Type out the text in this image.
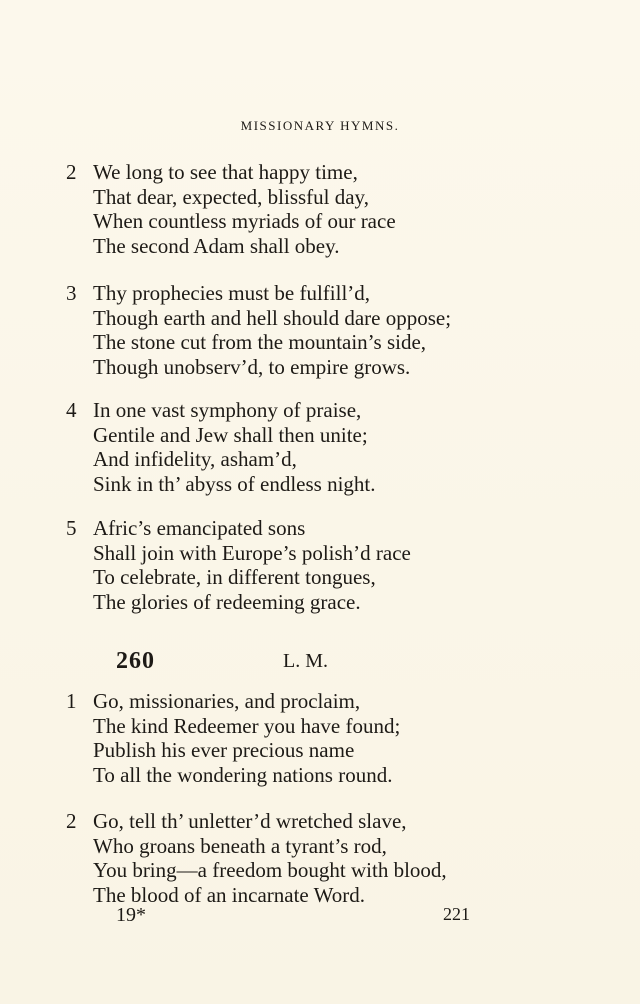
MISSIONARY HYMNS.
2 We long to see that happy time,
That dear, expected, blissful day,
When countless myriads of our race
The second Adam shall obey.
3 Thy prophecies must be fulfill’d,
Though earth and hell should dare oppose;
The stone cut from the mountain’s side,
Though unobserv’d, to empire grows.
4 In one vast symphony of praise,
Gentile and Jew shall then unite;
And infidelity, asham’d,
Sink in th’ abyss of endless night.
5 Afric’s emancipated sons
Shall join with Europe’s polish’d race
To celebrate, in different tongues,
The glories of redeeming grace.
260	L. M.
1 Go, missionaries, and proclaim,
The kind Redeemer you have found;
Publish his ever precious name
To all the wondering nations round.
2 Go, tell th’ unletter’d wretched slave,
Who groans beneath a tyrant’s rod,
You bring—a freedom bought with blood,
The blood of an incarnate Word.
19*	221
